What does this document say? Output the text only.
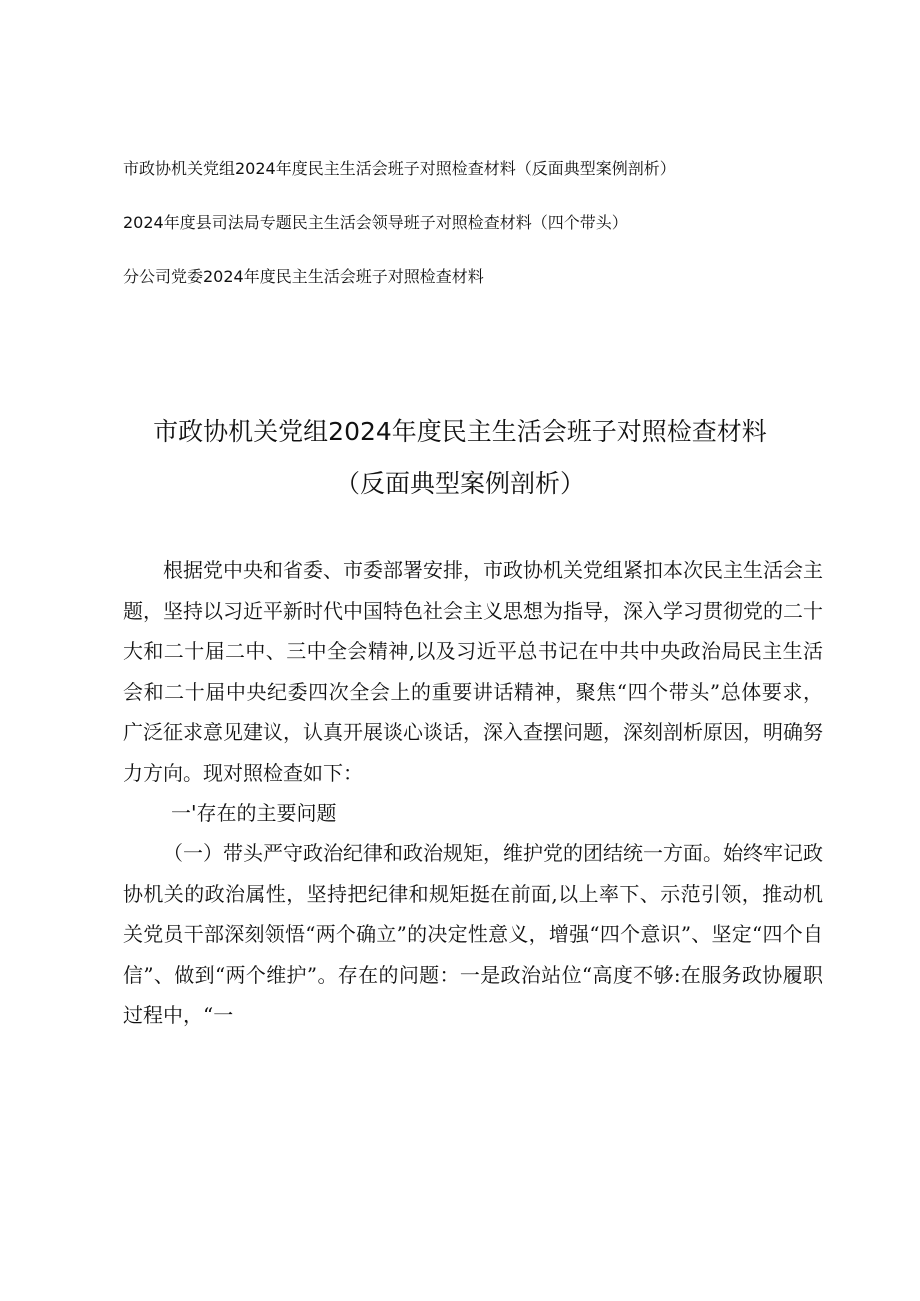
市政协机关党组2024年度民主生活会班子对照检查材料（反面典型案例剖析）
2024年度县司法局专题民主生活会领导班子对照检查材料（四个带头）
分公司党委2024年度民主生活会班子对照检查材料
市政协机关党组2024年度民主生活会班子对照检查材料
（反面典型案例剖析）

根据党中央和省委、市委部署安排，市政协机关党组紧扣本次民主生活会主题，坚持以习近平新时代中国特色社会主义思想为指导，深入学习贯彻党的二十大和二十届二中、三中全会精神,以及习近平总书记在中共中央政治局民主生活会和二十届中央纪委四次全会上的重要讲话精神，聚焦“四个带头”总体要求，广泛征求意见建议，认真开展谈心谈话，深入查摆问题，深刻剖析原因，明确努力方向。现对照检查如下：

一'存在的主要问题

（一）带头严守政治纪律和政治规矩，维护党的团结统一方面。始终牢记政协机关的政治属性，坚持把纪律和规矩挺在前面,以上率下、示范引领，推动机关党员干部深刻领悟“两个确立”的决定性意义，增强“四个意识”、坚定“四个自信”、做到“两个维护”。存在的问题：一是政治站位“高度不够:在服务政协履职过程中，“一
